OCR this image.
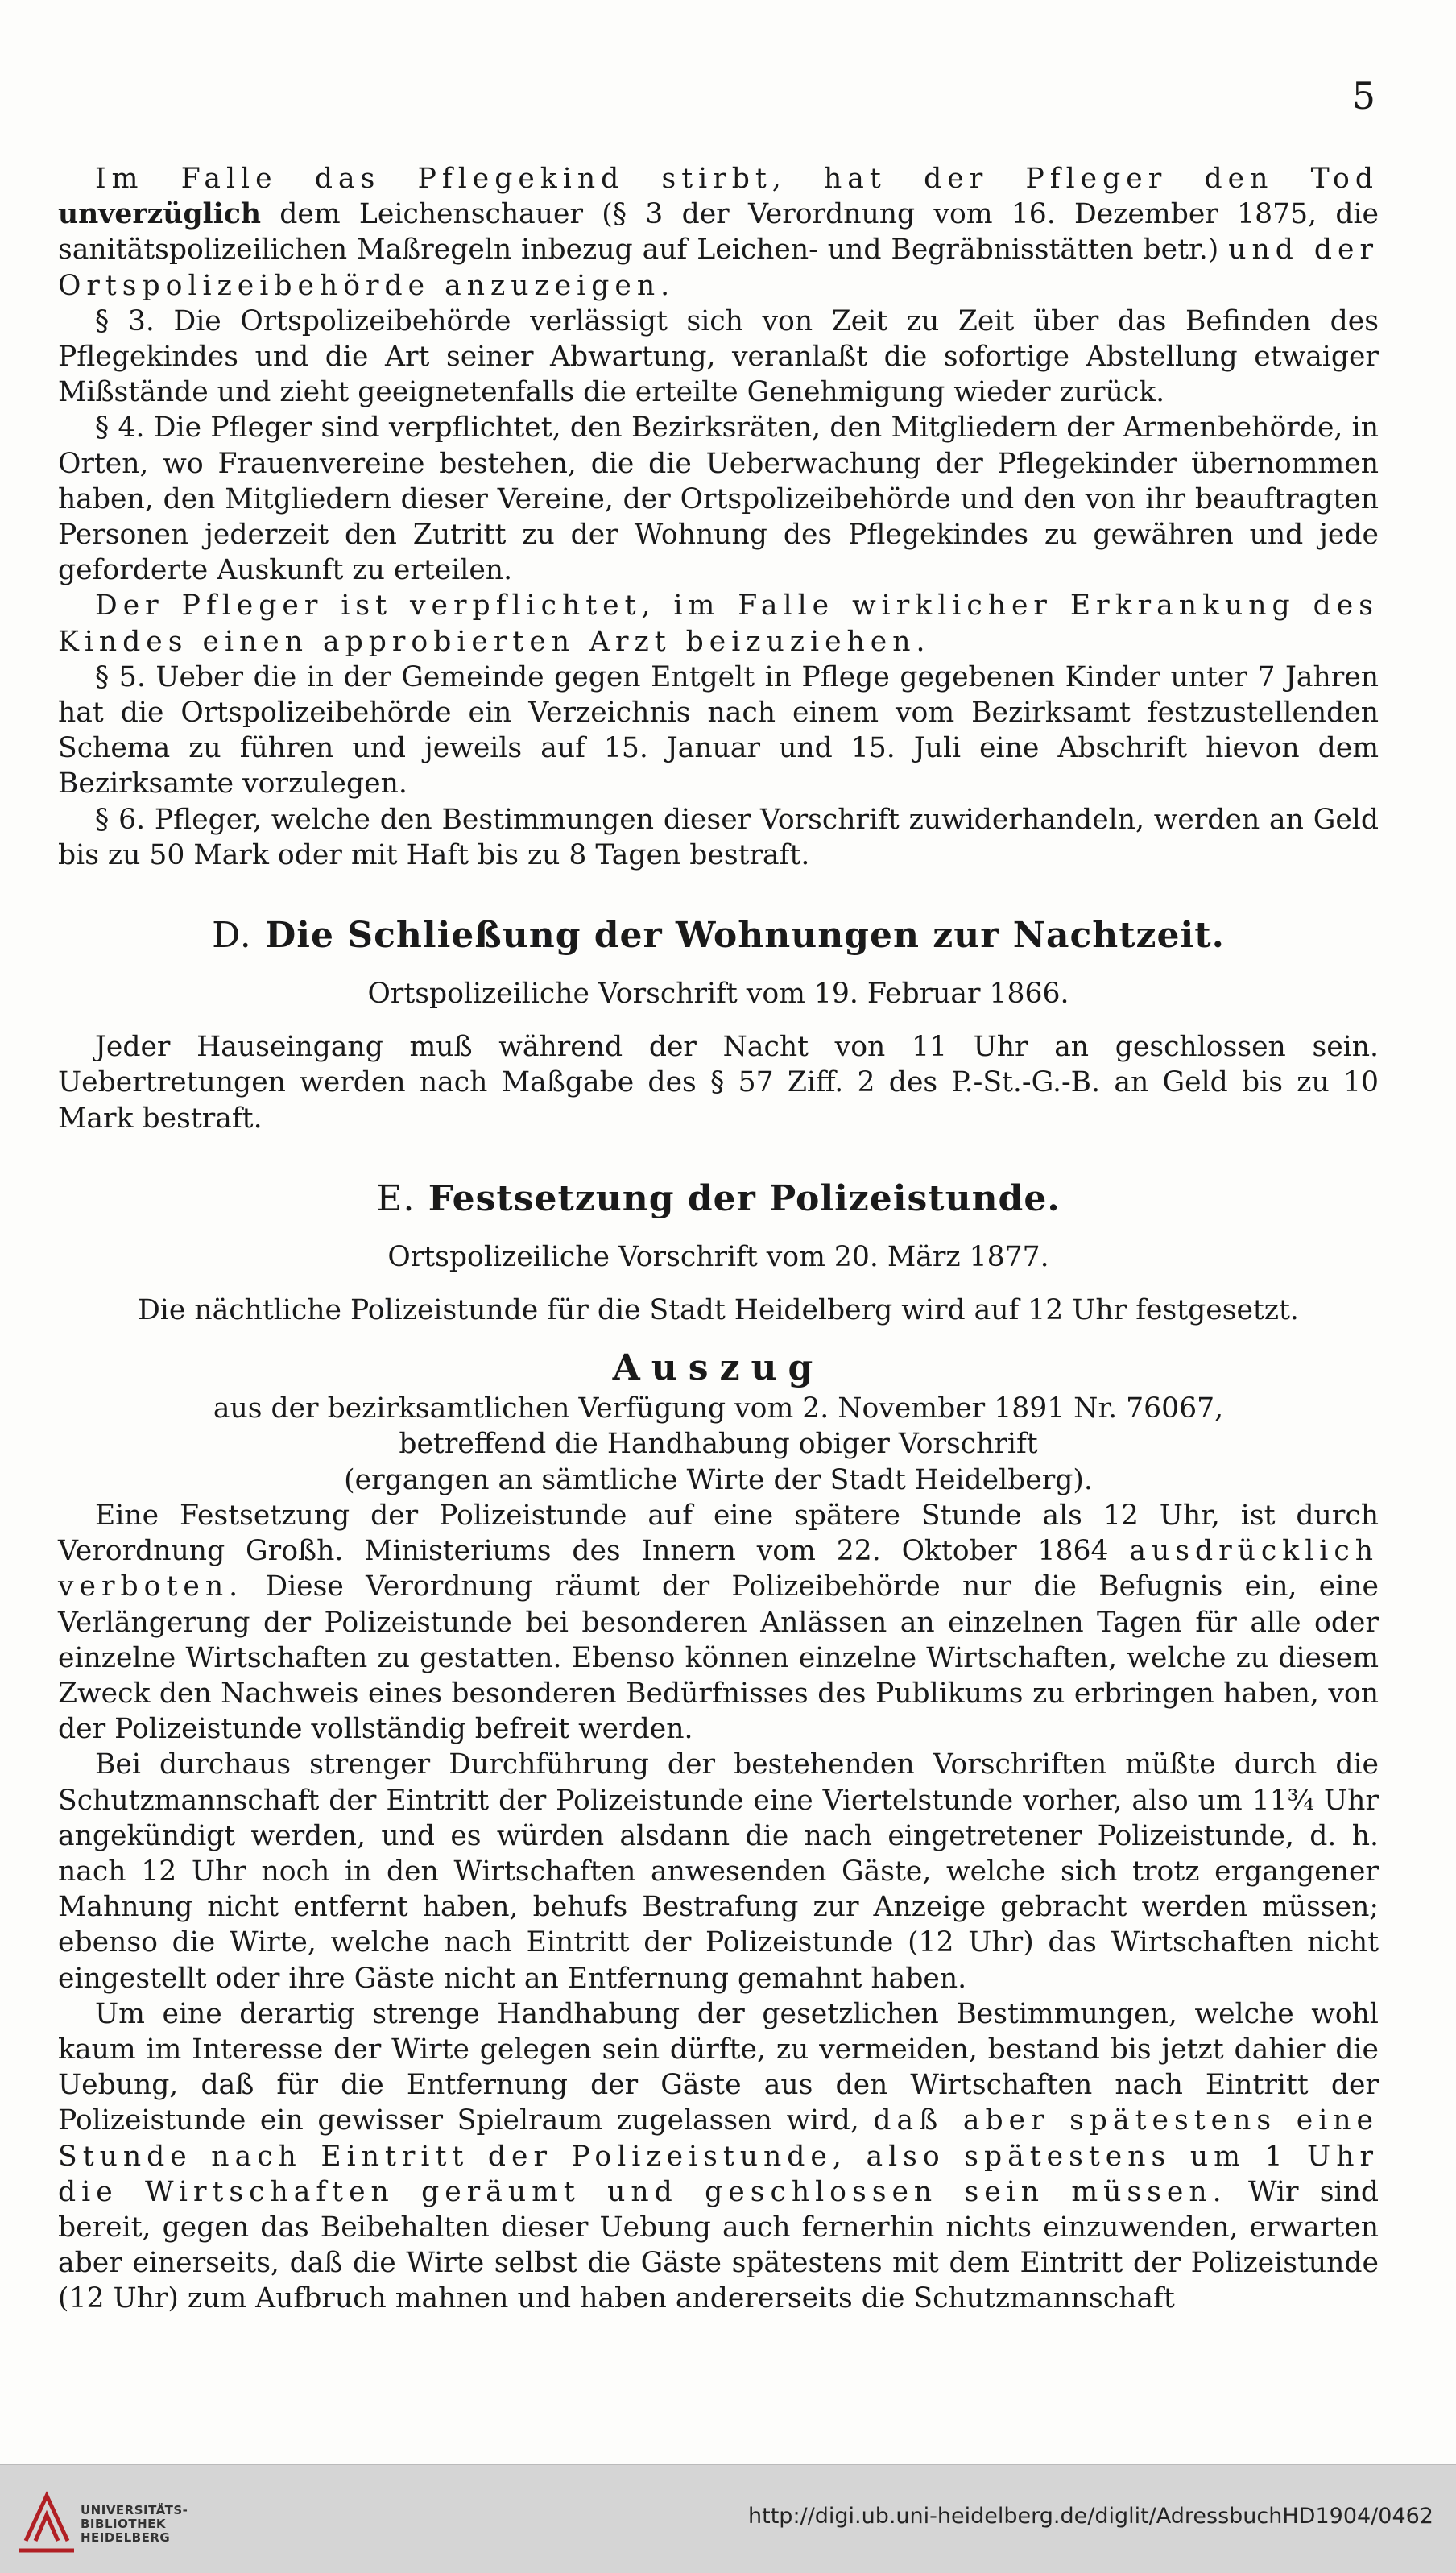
5

Im Falle das Pflegekind stirbt, hat der Pfleger den Tod unverzüglich dem Leichenschauer (§ 3 der Verordnung vom 16. Dezember 1875, die sanitätspolizeilichen Maßregeln inbezug auf Leichen- und Begräbnisstätten betr.) und der Ortspolizeibehörde anzuzeigen.

§ 3. Die Ortspolizeibehörde verlässigt sich von Zeit zu Zeit über das Befinden des Pflegekindes und die Art seiner Abwartung, veranlaßt die sofortige Abstellung etwaiger Mißstände und zieht geeignetenfalls die erteilte Genehmigung wieder zurück.

§ 4. Die Pfleger sind verpflichtet, den Bezirksräten, den Mitgliedern der Armenbehörde, in Orten, wo Frauenvereine bestehen, die die Ueberwachung der Pflegekinder übernommen haben, den Mitgliedern dieser Vereine, der Ortspolizeibehörde und den von ihr beauftragten Personen jederzeit den Zutritt zu der Wohnung des Pflegekindes zu gewähren und jede geforderte Auskunft zu erteilen.

Der Pfleger ist verpflichtet, im Falle wirklicher Erkrankung des Kindes einen approbierten Arzt beizuziehen.

§ 5. Ueber die in der Gemeinde gegen Entgelt in Pflege gegebenen Kinder unter 7 Jahren hat die Ortspolizeibehörde ein Verzeichnis nach einem vom Bezirksamt festzustellenden Schema zu führen und jeweils auf 15. Januar und 15. Juli eine Abschrift hievon dem Bezirksamte vorzulegen.

§ 6. Pfleger, welche den Bestimmungen dieser Vorschrift zuwiderhandeln, werden an Geld bis zu 50 Mark oder mit Haft bis zu 8 Tagen bestraft.

D. Die Schließung der Wohnungen zur Nachtzeit.

Ortspolizeiliche Vorschrift vom 19. Februar 1866.

Jeder Hauseingang muß während der Nacht von 11 Uhr an geschlossen sein. Uebertretungen werden nach Maßgabe des § 57 Ziff. 2 des P.-St.-G.-B. an Geld bis zu 10 Mark bestraft.

E. Festsetzung der Polizeistunde.

Ortspolizeiliche Vorschrift vom 20. März 1877.

Die nächtliche Polizeistunde für die Stadt Heidelberg wird auf 12 Uhr festgesetzt.

Auszug

aus der bezirksamtlichen Verfügung vom 2. November 1891 Nr. 76067,

betreffend die Handhabung obiger Vorschrift

(ergangen an sämtliche Wirte der Stadt Heidelberg).

Eine Festsetzung der Polizeistunde auf eine spätere Stunde als 12 Uhr, ist durch Verordnung Großh. Ministeriums des Innern vom 22. Oktober 1864 ausdrücklich verboten. Diese Verordnung räumt der Polizeibehörde nur die Befugnis ein, eine Verlängerung der Polizeistunde bei besonderen Anlässen an einzelnen Tagen für alle oder einzelne Wirtschaften zu gestatten. Ebenso können einzelne Wirtschaften, welche zu diesem Zweck den Nachweis eines besonderen Bedürfnisses des Publikums zu erbringen haben, von der Polizeistunde vollständig befreit werden.

Bei durchaus strenger Durchführung der bestehenden Vorschriften müßte durch die Schutzmannschaft der Eintritt der Polizeistunde eine Viertelstunde vorher, also um 11¾ Uhr angekündigt werden, und es würden alsdann die nach eingetretener Polizeistunde, d. h. nach 12 Uhr noch in den Wirtschaften anwesenden Gäste, welche sich trotz ergangener Mahnung nicht entfernt haben, behufs Bestrafung zur Anzeige gebracht werden müssen; ebenso die Wirte, welche nach Eintritt der Polizeistunde (12 Uhr) das Wirtschaften nicht eingestellt oder ihre Gäste nicht an Entfernung gemahnt haben.

Um eine derartig strenge Handhabung der gesetzlichen Bestimmungen, welche wohl kaum im Interesse der Wirte gelegen sein dürfte, zu vermeiden, bestand bis jetzt dahier die Uebung, daß für die Entfernung der Gäste aus den Wirtschaften nach Eintritt der Polizeistunde ein gewisser Spielraum zugelassen wird, daß aber spätestens eine Stunde nach Eintritt der Polizeistunde, also spätestens um 1 Uhr die Wirtschaften geräumt und geschlossen sein müssen. Wir sind bereit, gegen das Beibehalten dieser Uebung auch fernerhin nichts einzuwenden, erwarten aber einerseits, daß die Wirte selbst die Gäste spätestens mit dem Eintritt der Polizeistunde (12 Uhr) zum Aufbruch mahnen und haben andererseits die Schutzmannschaft

UNIVERSITÄTS-
BIBLIOTHEK
HEIDELBERG
http://digi.ub.uni-heidelberg.de/diglit/AdressbuchHD1904/0462
